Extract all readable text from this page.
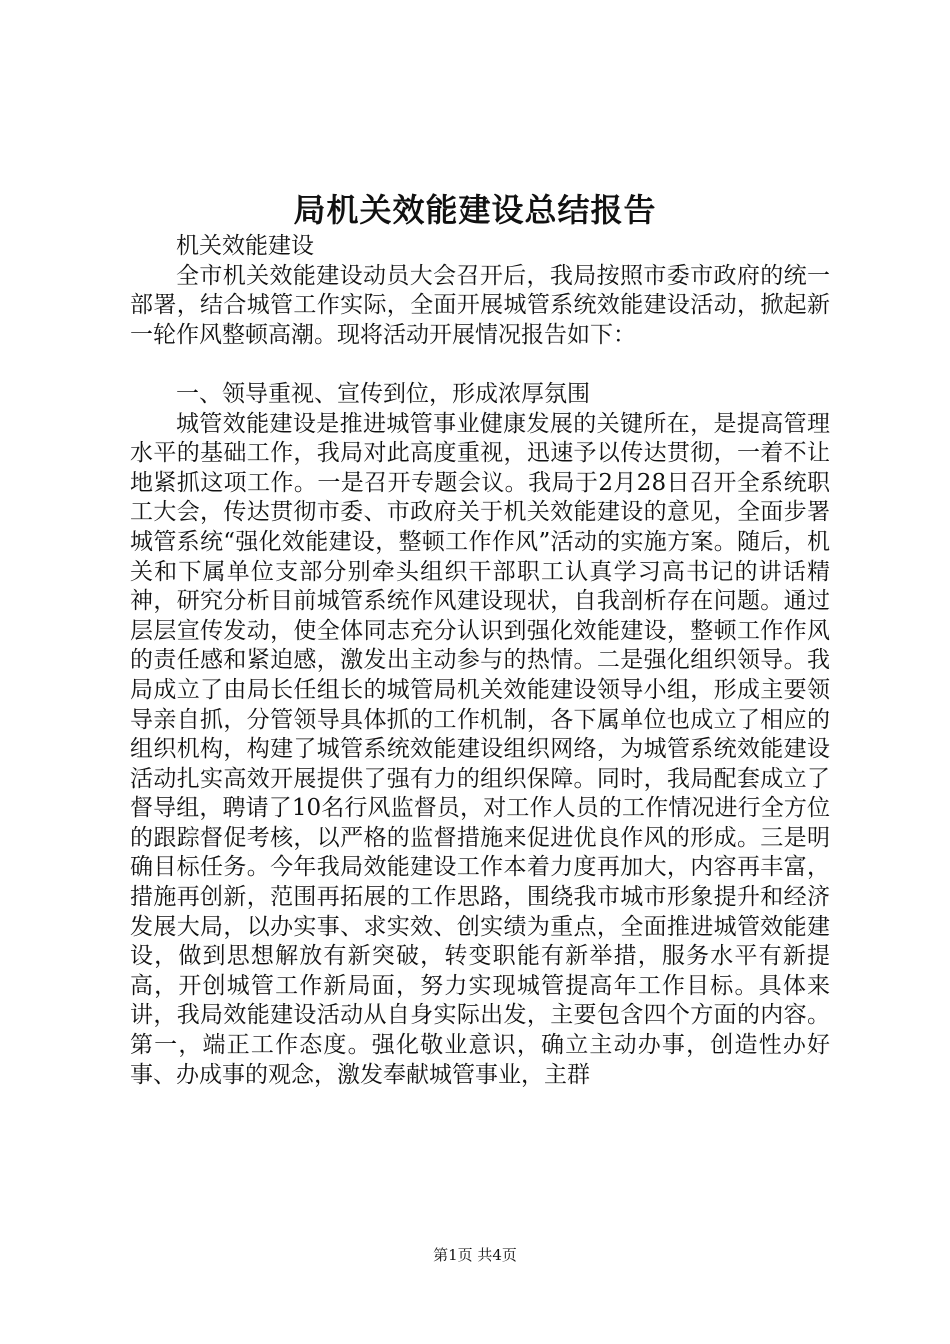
局机关效能建设总结报告

机关效能建设

全市机关效能建设动员大会召开后，我局按照市委市政府的统一部署，结合城管工作实际，全面开展城管系统效能建设活动，掀起新一轮作风整顿高潮。现将活动开展情况报告如下：

一、领导重视、宣传到位，形成浓厚氛围

城管效能建设是推进城管事业健康发展的关键所在，是提高管理水平的基础工作，我局对此高度重视，迅速予以传达贯彻，一着不让地紧抓这项工作。一是召开专题会议。我局于2月28日召开全系统职工大会，传达贯彻市委、市政府关于机关效能建设的意见，全面步署城管系统“强化效能建设，整顿工作作风”活动的实施方案。随后，机关和下属单位支部分别牵头组织干部职工认真学习高书记的讲话精神，研究分析目前城管系统作风建设现状，自我剖析存在问题。通过层层宣传发动，使全体同志充分认识到强化效能建设，整顿工作作风的责任感和紧迫感，激发出主动参与的热情。二是强化组织领导。我局成立了由局长任组长的城管局机关效能建设领导小组，形成主要领导亲自抓，分管领导具体抓的工作机制，各下属单位也成立了相应的组织机构，构建了城管系统效能建设组织网络，为城管系统效能建设活动扎实高效开展提供了强有力的组织保障。同时，我局配套成立了督导组，聘请了10名行风监督员，对工作人员的工作情况进行全方位的跟踪督促考核，以严格的监督措施来促进优良作风的形成。三是明确目标任务。今年我局效能建设工作本着力度再加大，内容再丰富，措施再创新，范围再拓展的工作思路，围绕我市城市形象提升和经济发展大局，以办实事、求实效、创实绩为重点，全面推进城管效能建设，做到思想解放有新突破，转变职能有新举措，服务水平有新提高，开创城管工作新局面，努力实现城管提高年工作目标。具体来讲，我局效能建设活动从自身实际出发，主要包含四个方面的内容。第一，端正工作态度。强化敬业意识，确立主动办事，创造性办好事、办成事的观念，激发奉献城管事业，主群

第1页 共4页
